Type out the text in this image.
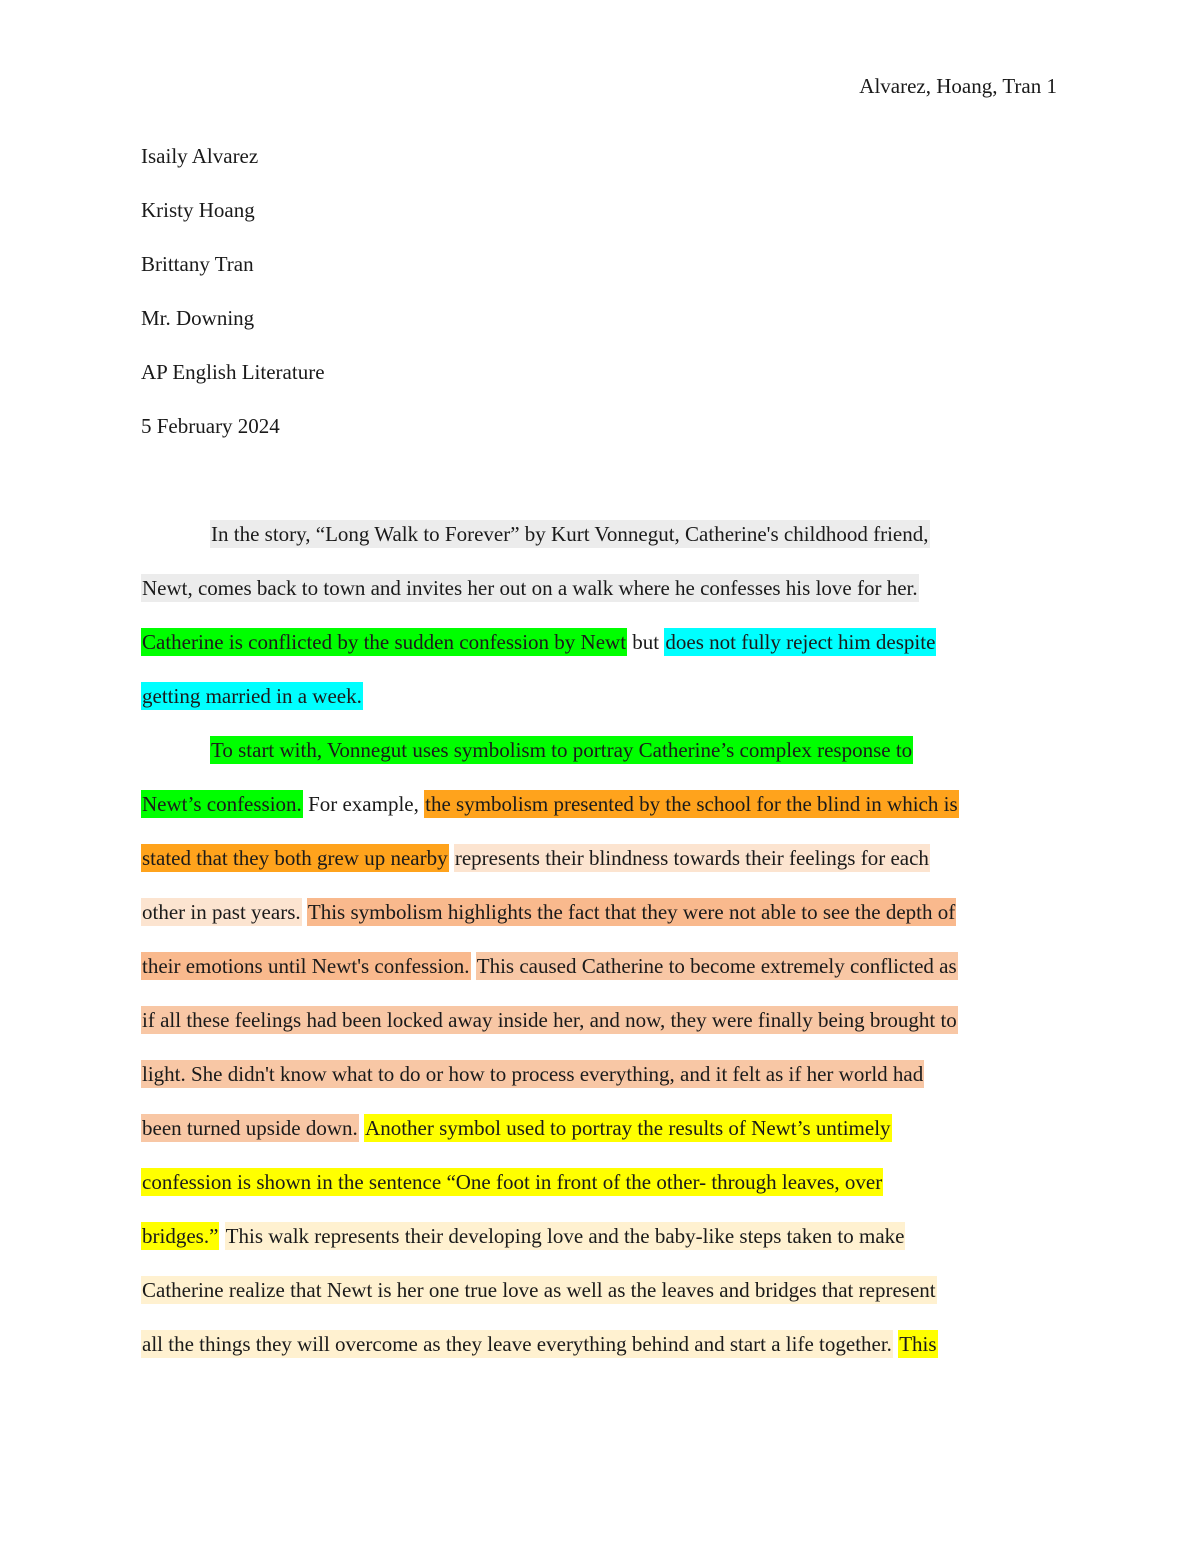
Alvarez, Hoang, Tran 1
Isaily Alvarez
Kristy Hoang
Brittany Tran
Mr. Downing
AP English Literature
5 February 2024
In the story, “Long Walk to Forever” by Kurt Vonnegut, Catherine's childhood friend,
Newt, comes back to town and invites her out on a walk where he confesses his love for her.
Catherine is conflicted by the sudden confession by Newt but does not fully reject him despite
getting married in a week.
To start with, Vonnegut uses symbolism to portray Catherine’s complex response to
Newt’s confession. For example, the symbolism presented by the school for the blind in which is
stated that they both grew up nearby represents their blindness towards their feelings for each
other in past years. This symbolism highlights the fact that they were not able to see the depth of
their emotions until Newt's confession. This caused Catherine to become extremely conflicted as
if all these feelings had been locked away inside her, and now, they were finally being brought to
light. She didn't know what to do or how to process everything, and it felt as if her world had
been turned upside down. Another symbol used to portray the results of Newt’s untimely
confession is shown in the sentence “One foot in front of the other- through leaves, over
bridges.” This walk represents their developing love and the baby-like steps taken to make
Catherine realize that Newt is her one true love as well as the leaves and bridges that represent
all the things they will overcome as they leave everything behind and start a life together. This
